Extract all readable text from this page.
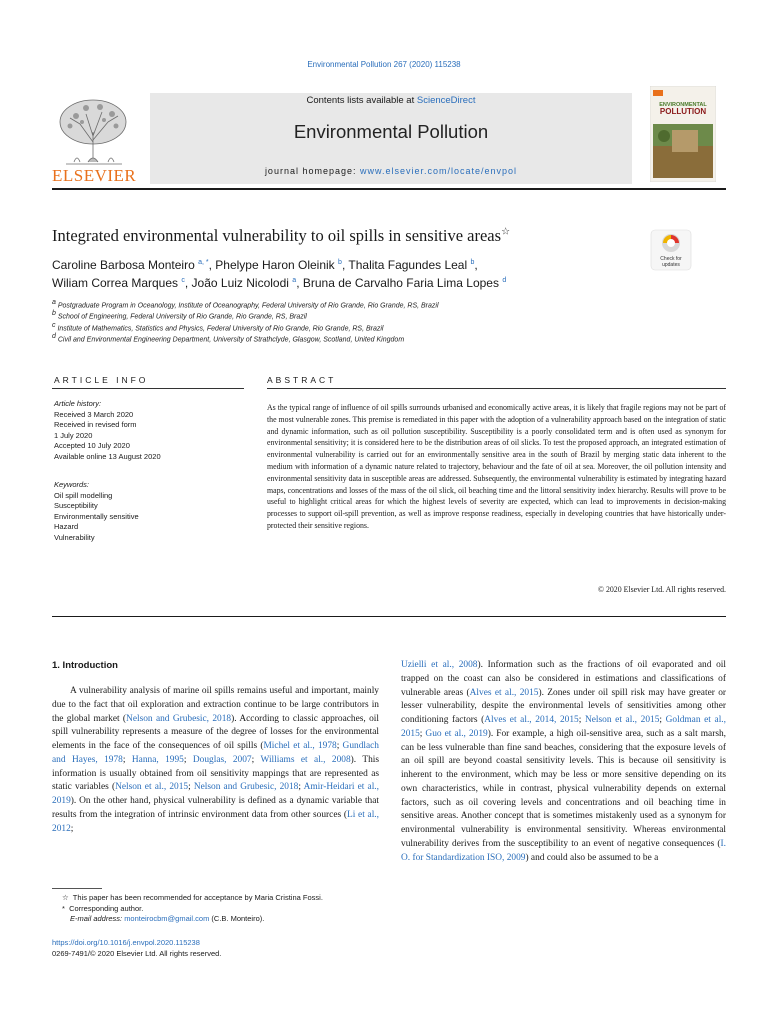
Environmental Pollution 267 (2020) 115238
ELSEVIER
Contents lists available at ScienceDirect
Environmental Pollution
journal homepage: www.elsevier.com/locate/envpol
ENVIRONMENTAL
POLLUTION
Integrated environmental vulnerability to oil spills in sensitive areas☆
Check for
updates
Caroline Barbosa Monteiro $^{a, *}$, Phelype Haron Oleinik $^b$, Thalita Fagundes Leal $^b$,
Wiliam Correa Marques $^c$, João Luiz Nicolodi $^a$, Bruna de Carvalho Faria Lima Lopes $^d$
$^a$ Postgraduate Program in Oceanology, Institute of Oceanography, Federal University of Rio Grande, Rio Grande, RS, Brazil
$^b$ School of Engineering, Federal University of Rio Grande, Rio Grande, RS, Brazil
$^c$ Institute of Mathematics, Statistics and Physics, Federal University of Rio Grande, Rio Grande, RS, Brazil
$^d$ Civil and Environmental Engineering Department, University of Strathclyde, Glasgow, Scotland, United Kingdom
ARTICLE INFO
Article history:
Received 3 March 2020
Received in revised form
1 July 2020
Accepted 10 July 2020
Available online 13 August 2020
Keywords:
Oil spill modelling
Susceptibility
Environmentally sensitive
Hazard
Vulnerability
ABSTRACT
As the typical range of influence of oil spills surrounds urbanised and economically active areas, it is likely that fragile regions may not be part of the most vulnerable zones. This premise is remediated in this paper with the adoption of a vulnerability approach based on the integration of static and dynamic information, such as oil pollution susceptibility. Susceptibility is a poorly consolidated term and is often used as synonym for environmental sensitivity; it is considered here to be the distribution areas of oil slicks. To test the proposed approach, an integrated estimation of environmental vulnerability is carried out for an environmentally sensitive area in the south of Brazil by merging static data inherent to the medium with information of a dynamic nature related to trajectory, behaviour and the fate of oil at sea. Moreover, the oil pollution intensity and environmental sensitivity data in susceptible areas are addressed. Subsequently, the environmental vulnerability is estimated by integrating hazard maps, concentrations and losses of the mass of the oil slick, oil beaching time and the littoral sensitivity index hierarchy. Results will prove to be useful to highlight critical areas for which the highest levels of severity are expected, which can lead to improvements in decision-making processes to support oil-spill prevention, as well as improve response readiness, especially in developing countries that have historically under-protected their sensitive regions.
© 2020 Elsevier Ltd. All rights reserved.
1. Introduction

A vulnerability analysis of marine oil spills remains useful and important, mainly due to the fact that oil exploration and extraction continue to be large contributors in the global market (Nelson and Grubesic, 2018). According to classic approaches, oil spill vulnerability represents a measure of the degree of losses for the environmental elements in the face of the consequences of oil spills (Michel et al., 1978; Gundlach and Hayes, 1978; Hanna, 1995; Douglas, 2007; Williams et al., 2008). This information is usually obtained from oil sensitivity mappings that are represented as static variables (Nelson et al., 2015; Nelson and Grubesic, 2018; Amir-Heidari et al., 2019). On the other hand, physical vulnerability is defined as a dynamic variable that results from the integration of intrinsic environment data from other sources (Li et al., 2012;

Uzielli et al., 2008). Information such as the fractions of oil evaporated and oil trapped on the coast can also be considered in estimations and classifications of vulnerable areas (Alves et al., 2015). Zones under oil spill risk may have greater or lesser vulnerability, despite the environmental levels of sensitivities among other conditioning factors (Alves et al., 2014, 2015; Nelson et al., 2015; Goldman et al., 2015; Guo et al., 2019). For example, a high oil-sensitive area, such as a salt marsh, can be less vulnerable than fine sand beaches, considering that the exposure levels of an oil spill are beyond coastal sensitivity levels. This is because oil sensitivity is inherent to the environment, which may be less or more sensitive depending on its own characteristics, while in contrast, physical vulnerability depends on external factors, such as oil covering levels and concentrations and oil beaching time in sensitive areas. Another concept that is sometimes mistakenly used as a synonym for environmental vulnerability is environmental sensitivity. Whereas environmental vulnerability derives from the susceptibility to an event of negative consequences (I. O. for Standardization ISO, 2009) and could also be assumed to be a

☆ This paper has been recommended for acceptance by Maria Cristina Fossi.
* Corresponding author.
E-mail address: monteirocbm@gmail.com (C.B. Monteiro).
https://doi.org/10.1016/j.envpol.2020.115238
0269-7491/© 2020 Elsevier Ltd. All rights reserved.
